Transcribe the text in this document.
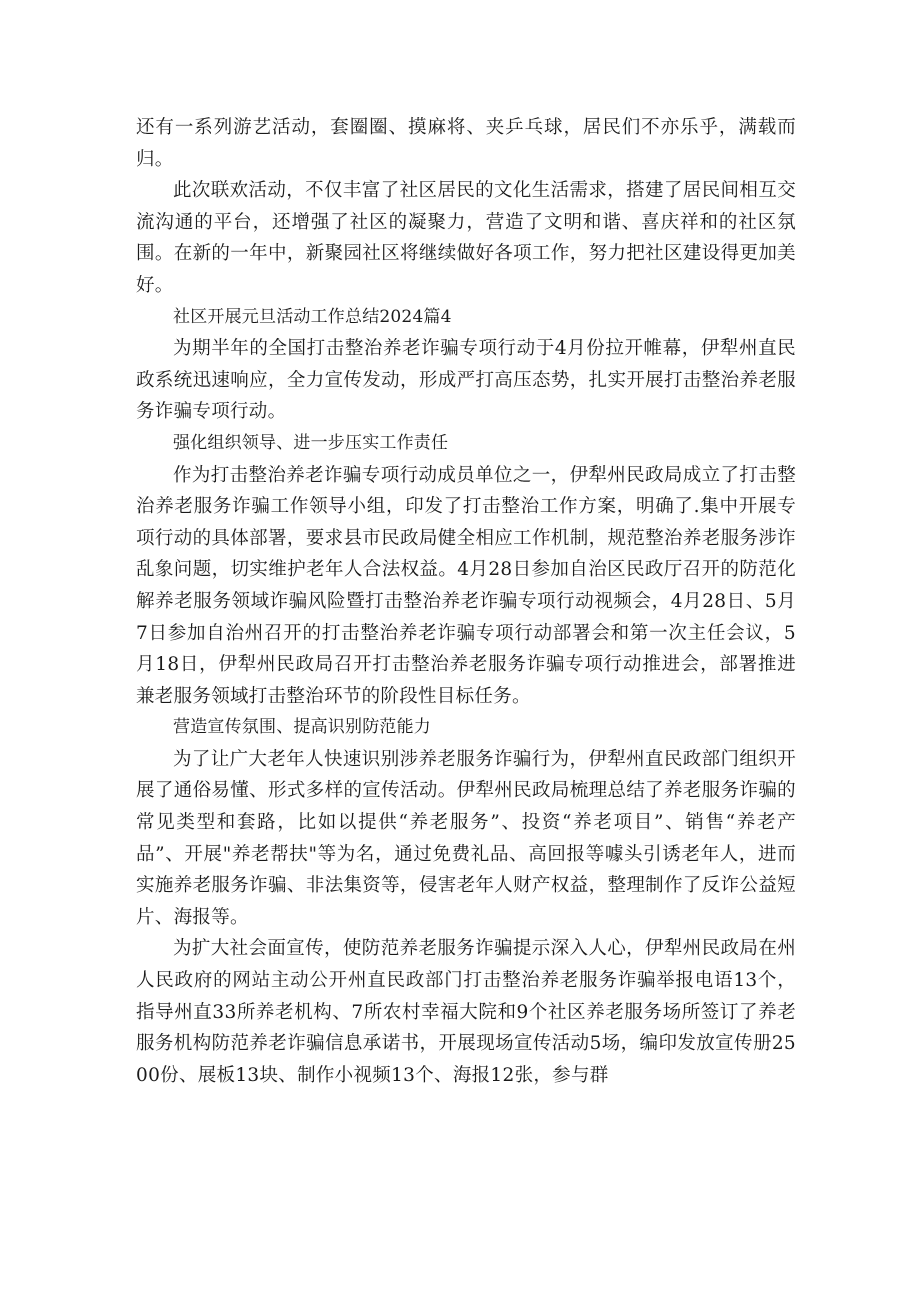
还有一系列游艺活动，套圈圈、摸麻将、夹乒乓球，居民们不亦乐乎，满载而归。

此次联欢活动，不仅丰富了社区居民的文化生活需求，搭建了居民间相互交流沟通的平台，还增强了社区的凝聚力，营造了文明和谐、喜庆祥和的社区氛围。在新的一年中，新聚园社区将继续做好各项工作，努力把社区建设得更加美好。

社区开展元旦活动工作总结2024篇4

为期半年的全国打击整治养老诈骗专项行动于4月份拉开帷幕，伊犁州直民政系统迅速响应，全力宣传发动，形成严打高压态势，扎实开展打击整治养老服务诈骗专项行动。

强化组织领导、进一步压实工作责任

作为打击整治养老诈骗专项行动成员单位之一，伊犁州民政局成立了打击整治养老服务诈骗工作领导小组，印发了打击整治工作方案，明确了.集中开展专项行动的具体部署，要求县市民政局健全相应工作机制，规范整治养老服务涉诈乱象问题，切实维护老年人合法权益。4月28日参加自治区民政厅召开的防范化解养老服务领域诈骗风险暨打击整治养老诈骗专项行动视频会，4月28日、5月7日参加自治州召开的打击整治养老诈骗专项行动部署会和第一次主任会议，5月18日，伊犁州民政局召开打击整治养老服务诈骗专项行动推进会，部署推进兼老服务领域打击整治环节的阶段性目标任务。

营造宣传氛围、提高识别防范能力

为了让广大老年人快速识别涉养老服务诈骗行为，伊犁州直民政部门组织开展了通俗易懂、形式多样的宣传活动。伊犁州民政局梳理总结了养老服务诈骗的常见类型和套路，比如以提供“养老服务”、投资“养老项目”、销售“养老产品”、开展"养老帮扶"等为名，通过免费礼品、高回报等噱头引诱老年人，进而实施养老服务诈骗、非法集资等，侵害老年人财产权益，整理制作了反诈公益短片、海报等。

为扩大社会面宣传，使防范养老服务诈骗提示深入人心，伊犁州民政局在州人民政府的网站主动公开州直民政部门打击整治养老服务诈骗举报电语13个，指导州直33所养老机构、7所农村幸福大院和9个社区养老服务场所签订了养老服务机构防范养老诈骗信息承诺书，开展现场宣传活动5场，编印发放宣传册2500份、展板13块、制作小视频13个、海报12张，参与群
